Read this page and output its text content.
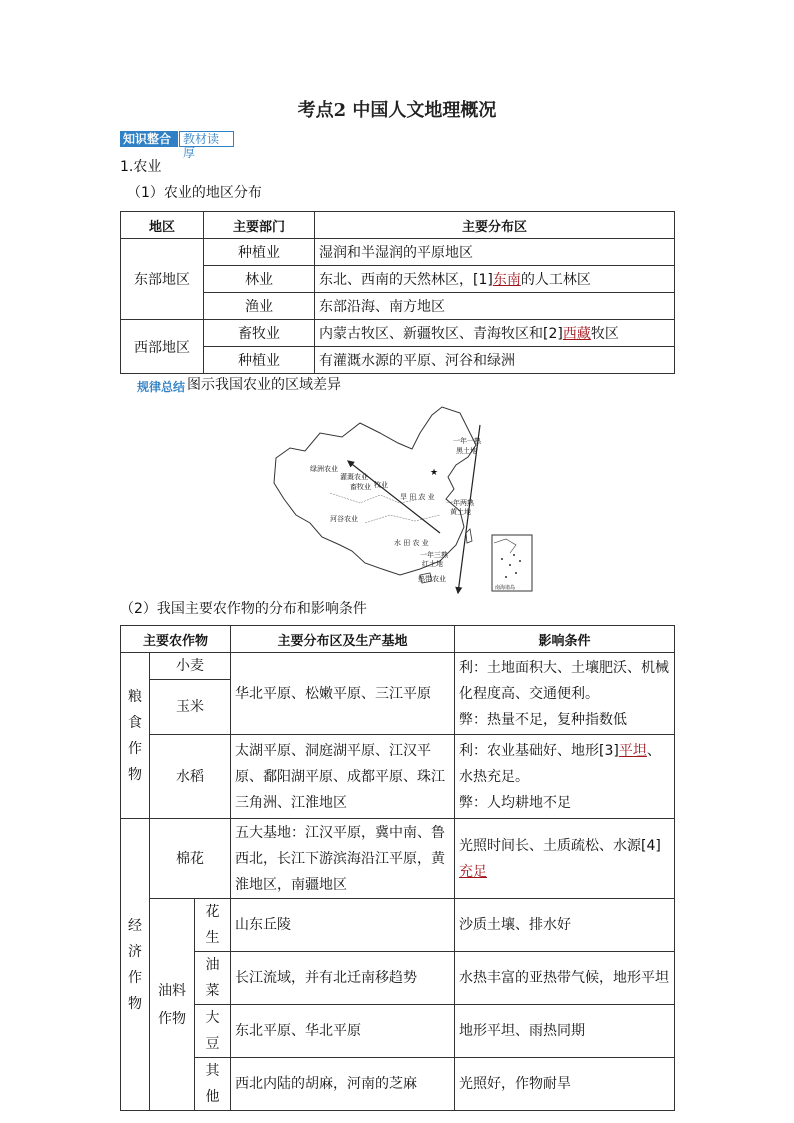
考点2 中国人文地理概况
知识整合 教材读厚
1.农业
（1）农业的地区分布
地区	主要部门	主要分布区
东部地区	种植业	湿润和半湿润的平原地区
	林业	东北、西南的天然林区，[1]东南的人工林区
	渔业	东部沿海、南方地区
西部地区	畜牧业	内蒙古牧区、新疆牧区、青海牧区和[2]西藏牧区
	种植业	有灌溉水源的平原、河谷和绿洲
规律总结 图示我国农业的区域差异
一年一熟
黑土地
绿洲农业
灌溉农业
畜牧业 牧业
旱 田 农 业
一年两熟
黄土地
河谷农业
水 田 农 业
一年三熟
红土地
热带农业
★
南海诸岛
（2）我国主要农作物的分布和影响条件
主要农作物			主要分布区及生产基地	影响条件
粮食作物	小麦		华北平原、松嫩平原、三江平原	利：土地面积大、土壤肥沃、机械化程度高、交通便利。
弊：热量不足，复种指数低

	玉米			
	水稻		太湖平原、洞庭湖平原、江汉平原、鄱阳湖平原、成都平原、珠江三角洲、江淮地区	利：农业基础好、地形[3]平坦、水热充足。
弊：人均耕地不足

经济作物	棉花		五大基地：江汉平原，冀中南、鲁西北，长江下游滨海沿江平原，黄淮地区，南疆地区	光照时间长、土质疏松、水源[4]充足
	油料作物	花生	山东丘陵	沙质土壤、排水好
		油菜	长江流域，并有北迁南移趋势	水热丰富的亚热带气候，地形平坦
		大豆	东北平原、华北平原	地形平坦、雨热同期
		其他	西北内陆的胡麻，河南的芝麻	光照好，作物耐旱
